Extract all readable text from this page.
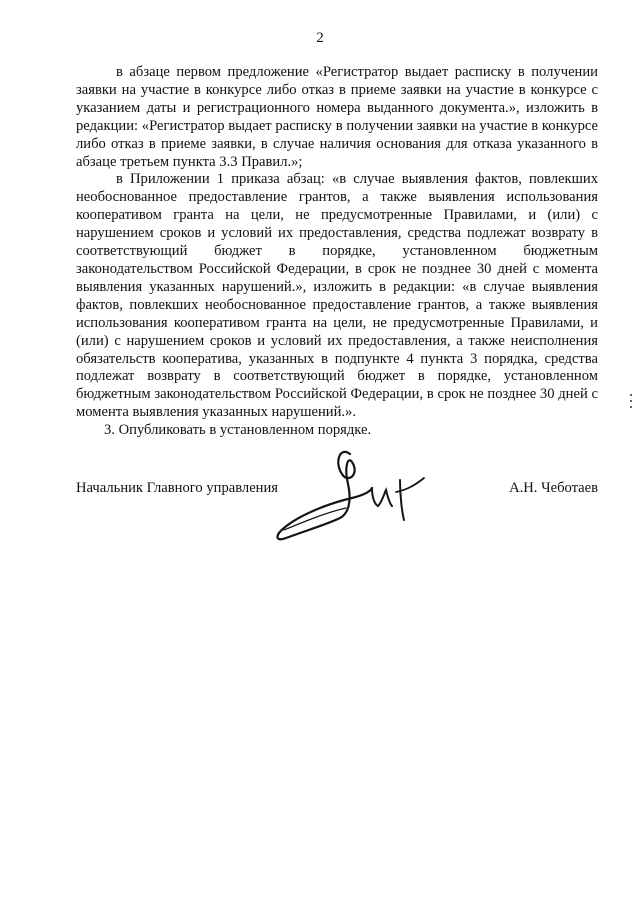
2

в абзаце первом предложение «Регистратор выдает расписку в получении заявки на участие в конкурсе либо отказ в приеме заявки на участие в конкурсе с указанием даты и регистрационного номера выданного документа.», изложить в редакции: «Регистратор выдает расписку в получении заявки на участие в конкурсе либо отказ в приеме заявки, в случае наличия основания для отказа указанного в абзаце третьем пункта 3.3 Правил.»;

в Приложении 1 приказа абзац: «в случае выявления фактов, повлекших необоснованное предоставление грантов, а также выявления использования кооперативом гранта на цели, не предусмотренные Правилами, и (или) с нарушением сроков и условий их предоставления, средства подлежат возврату в соответствующий бюджет в порядке, установленном бюджетным законодательством Российской Федерации, в срок не позднее 30 дней с момента выявления указанных нарушений.», изложить в редакции: «в случае выявления фактов, повлекших необоснованное предоставление грантов, а также выявления использования кооперативом гранта на цели, не предусмотренные Правилами, и (или) с нарушением сроков и условий их предоставления, а также неисполнения обязательств кооператива, указанных в подпункте 4 пункта 3 порядка, средства подлежат возврату в соответствующий бюджет в порядке, установленном бюджетным законодательством Российской Федерации, в срок не позднее 30 дней с момента выявления указанных нарушений.».

3. Опубликовать в установленном порядке.

Начальник Главного управления	А.Н. Чеботаев
